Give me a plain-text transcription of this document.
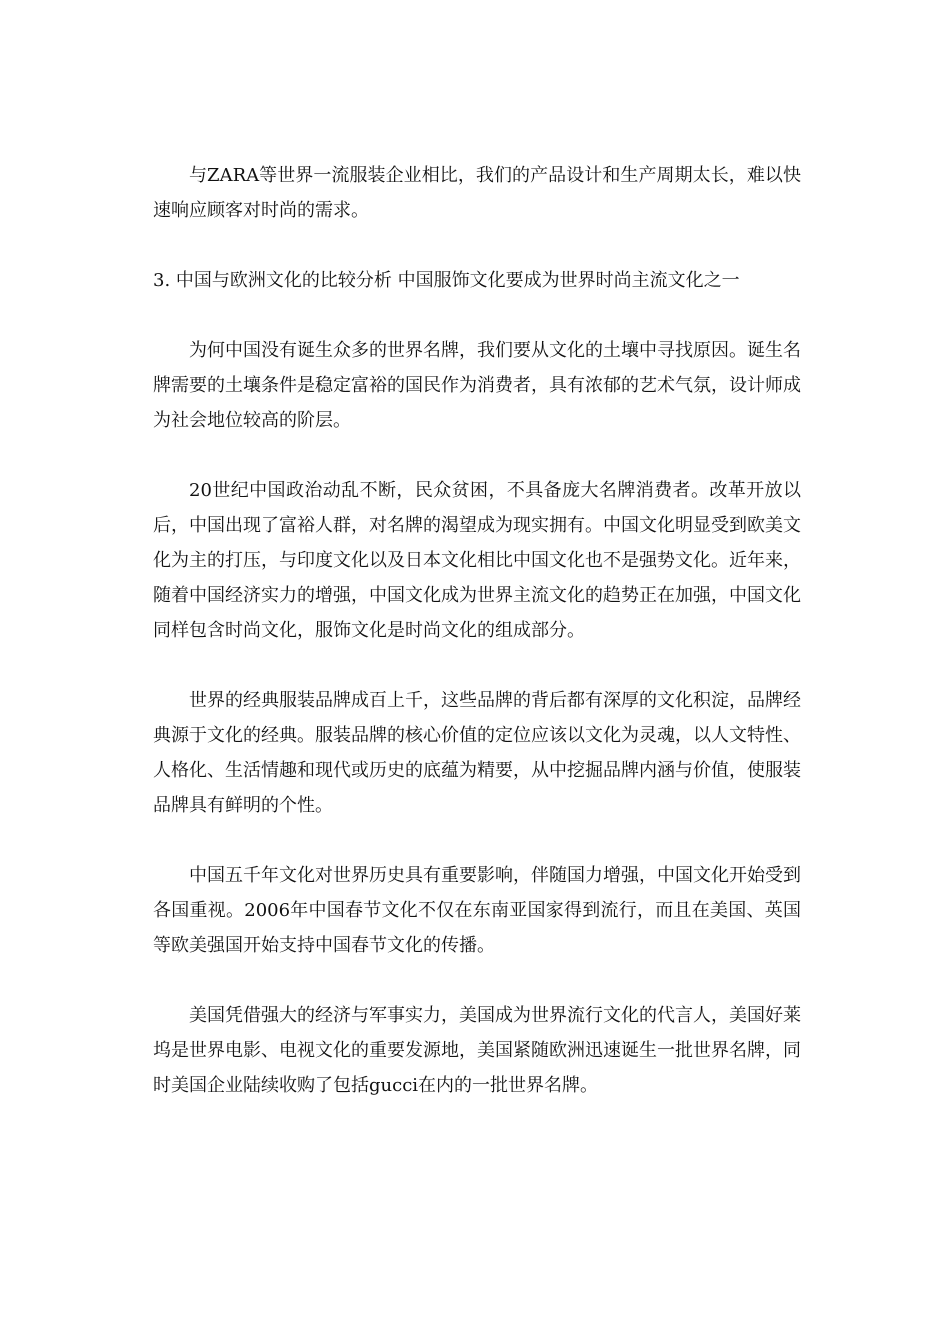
与ZARA等世界一流服装企业相比，我们的产品设计和生产周期太长，难以快速响应顾客对时尚的需求。

3. 中国与欧洲文化的比较分析 中国服饰文化要成为世界时尚主流文化之一

为何中国没有诞生众多的世界名牌，我们要从文化的土壤中寻找原因。诞生名牌需要的土壤条件是稳定富裕的国民作为消费者，具有浓郁的艺术气氛，设计师成为社会地位较高的阶层。

20世纪中国政治动乱不断，民众贫困，不具备庞大名牌消费者。改革开放以后，中国出现了富裕人群，对名牌的渴望成为现实拥有。中国文化明显受到欧美文化为主的打压，与印度文化以及日本文化相比中国文化也不是强势文化。近年来，随着中国经济实力的增强，中国文化成为世界主流文化的趋势正在加强，中国文化同样包含时尚文化，服饰文化是时尚文化的组成部分。

世界的经典服装品牌成百上千，这些品牌的背后都有深厚的文化积淀，品牌经典源于文化的经典。服装品牌的核心价值的定位应该以文化为灵魂，以人文特性、人格化、生活情趣和现代或历史的底蕴为精要，从中挖掘品牌内涵与价值，使服装品牌具有鲜明的个性。

中国五千年文化对世界历史具有重要影响，伴随国力增强，中国文化开始受到各国重视。2006年中国春节文化不仅在东南亚国家得到流行，而且在美国、英国等欧美强国开始支持中国春节文化的传播。

美国凭借强大的经济与军事实力，美国成为世界流行文化的代言人，美国好莱坞是世界电影、电视文化的重要发源地，美国紧随欧洲迅速诞生一批世界名牌，同时美国企业陆续收购了包括gucci在内的一批世界名牌。
